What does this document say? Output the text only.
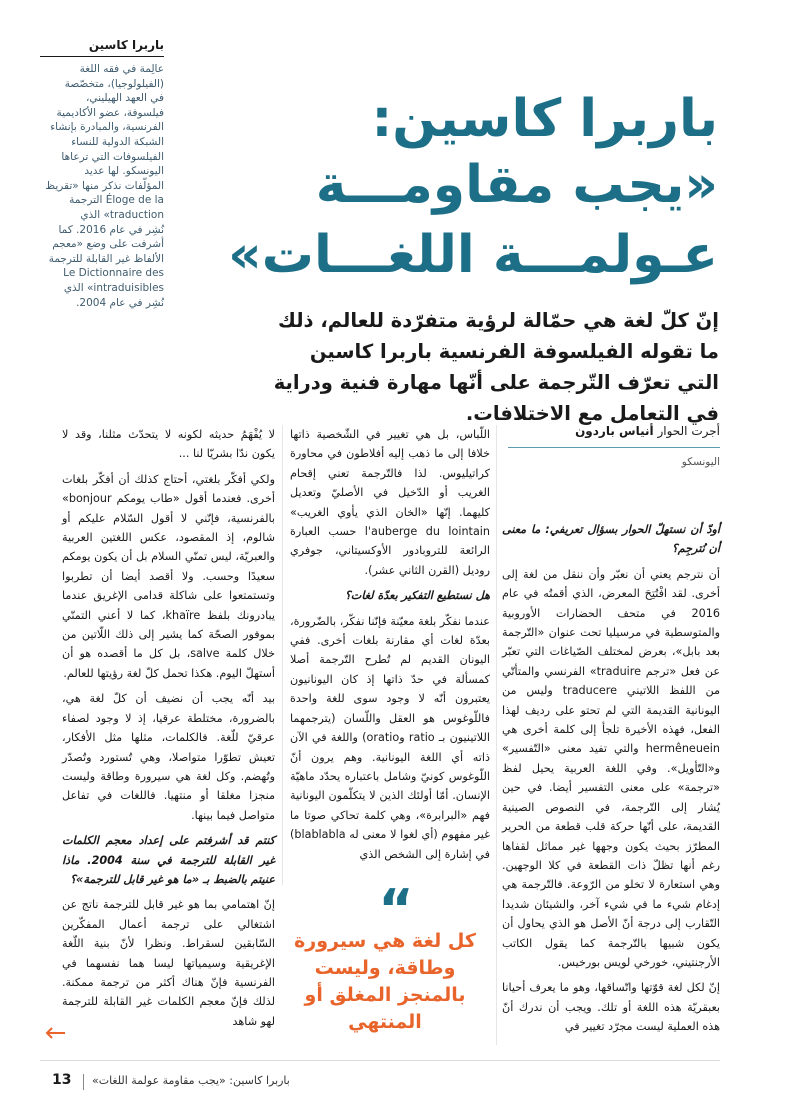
باربرا كاسين
عالِمة في فقه اللغة
(الفيلولوجيا)، متخصّصة
في العهد الهيليني،
فيلسوفة، عضو الأكاديمية
الفرنسية، والمبادرة بإنشاء
الشبكة الدولية للنساء
الفيلسوفات التي ترعاها
اليونسكو. لها عديد
المؤلّفات نذكر منها «تقريظ
Éloge de la الترجمة
traduction» الذي
نُشِر في عام 2016. كما
أشرفت على وضع «معجم
الألفاظ غير القابلة للترجمة
Le Dictionnaire des
intraduisibles» الذي
نُشِر في عام 2004.
باربرا كاسين:
«يجب مقاومـــة
عـولمـــة اللغـــات»
إنّ كلّ لغة هي حمّالة لرؤية متفرّدة للعالم، ذلك ما تقوله الفيلسوفة الفرنسية باربرا كاسين التي تعرّف التّرجمة على أنّها مهارة فنية ودراية في التعامل مع الاختلافات.
أجرت الحوار أنياس باردون
اليونسكو

أودّ أن نستهلّ الحوار بسؤال تعريفي: ما معنى أن نُترجِم؟

أن نترجم يعني أن نعبّر وأن ننقل من لغة إلى أخرى. لقد افْتُتِحَ المعرض، الذي أقمتُه في عام 2016 في متحف الحضارات الأوروبية والمتوسطية في مرسيليا تحت عنوان «التّرجمة بعد بابل»، بعرض لمختلف الصّياغات التي تعبّر عن فعل «ترجم traduire» الفرنسي والمتأتّي من اللفظ اللاتيني traducere وليس من اليونانية القديمة التي لم تحتو على رديف لهذا الفعل، فهذه الأخيرة تلجأ إلى كلمة أخرى هي hermêneuein والتي تفيد معنى «التّفسير» و«التّأويل». وفي اللغة العربية يحيل لفظ «ترجمة» على معنى التفسير أيضا. في حين يُشار إلى التّرجمة، في النصوص الصينية القديمة، على أنّها حركة قلب قطعة من الحرير المطرّز بحيث يكون وجهها غير مماثل لقفاها رغم أنها تظلّ ذات القطعة في كلا الوجهين. وهي استعارة لا تخلو من الرّوعة. فالتّرجمة هي إدغام شيء ما في شيء آخر، والشيئان شديدا التّقارب إلى درجة أنّ الأصل هو الذي يحاول أن يكون شبيها بالتّرجمة كما يقول الكاتب الأرجنتيني، خورخي لويس بورخيس.

إنّ لكل لغة قوّتها واتّساقها، وهو ما يعرف أحيانا بعبقريّة هذه اللغة أو تلك. ويجب أن ندرك أنّ هذه العملية ليست مجرّد تغيير في

اللّباس، بل هي تغيير في الشّخصية ذاتها خلافا إلى ما ذهب إليه أفلاطون في محاورة كراتيليوس. لذا فالتّرجمة تعني إقحام الغريب أو الدّخيل في الأصليّ وتعديل كليهما. إنّها «الخان الذي يأوي الغريب» l'auberge du lointain حسب العبارة الرائعة للتروبادور الأوكسيتاني، جوفري روديل (القرن الثاني عشر).

هل نستطيع التفكير بعدّة لغات؟

عندما نفكّر بلغة معيّنة فإنّنا نفكّر، بالضّرورة، بعدّة لغات أي مقارنة بلغات أخرى. ففي اليونان القديم لم تُطرح التّرجمة أصلا كمسألة في حدّ ذاتها إذ كان اليونانيون يعتبرون أنّه لا وجود سوى للغة واحدة فاللّوغوس هو العقل واللّسان (يترجمهما اللاتينيون بـ ratio وoratio) واللغة في الآن ذاته أي اللغة اليونانية. وهم يرون أنّ اللّوغوس كونيّ وشامل باعتباره يحدّد ماهيّة الإنسان. أمّا أولئك الذين لا يتكلّمون اليونانية فهم «البرابرة»، وهي كلمة تحاكي صوتا ما غير مفهوم (أي لغوا لا معنى له blablabla) في إشارة إلى الشخص الذي

لا يُفْهَمُ حديثه لكونه لا يتحدّث مثلنا، وقد لا يكون ندّا بشريّا لنا ...

ولكي أفكّر بلغتي، أحتاج كذلك أن أفكّر بلغات أخرى. فعندما أقول «طاب يومكم bonjour» بالفرنسية، فإنّني لا أقول السّلام عليكم أو شالوم، إذ المقصود، عكس اللغتين العربية والعبريّة، ليس تمنّي السلام بل أن يكون يومكم سعيدًا وحسب. ولا أقصد أيضا أن تطربوا وتستمتعوا على شاكلة قدامى الإغريق عندما يبادرونك بلفظ khaïre، كما لا أعني التمنّي بموفور الصحّة كما يشير إلى ذلك اللّاتين من خلال كلمة salve، بل كل ما أقصده هو أن أستهلّ اليوم. هكذا تحمل كلّ لغة رؤيتها للعالم.

بيد أنّه يجب أن نضيف أن كلّ لغة هي، بالضرورة، مختلطة عرقيا، إذ لا وجود لصفاء عرقيّ للّغة. فالكلمات، مثلها مثل الأفكار، تعيش تطوّرا متواصلا، وهي تُستورد وتُصدّر وتُهضم. وكل لغة هي سيرورة وطاقة وليست منجزا مغلقا أو منتهيا. فاللغات في تفاعل متواصل فيما بينها.

كنتم قد أشرفتم على إعداد معجم الكلمات غير القابلة للترجمة في سنة 2004. ماذا عنيتم بالضبط بـ «ما هو غير قابل للترجمة»؟

إنّ اهتمامي بما هو غير قابل للترجمة ناتج عن اشتغالي على ترجمة أعمال المفكّرين السّابقين لسقراط. ونظرا لأنّ بنية اللّغة الإغريقية وسيمياتها ليسا هما نفسهما في الفرنسية فإنّ هناك أكثر من ترجمة ممكنة. لذلك فإنّ معجم الكلمات غير القابلة للترجمة لهو شاهد

“
كل لغة هي سيرورة وطاقة، وليست بالمنجز المغلق أو المنتهي
13 باربرا كاسين: «يجب مقاومة عولمة اللغات»
